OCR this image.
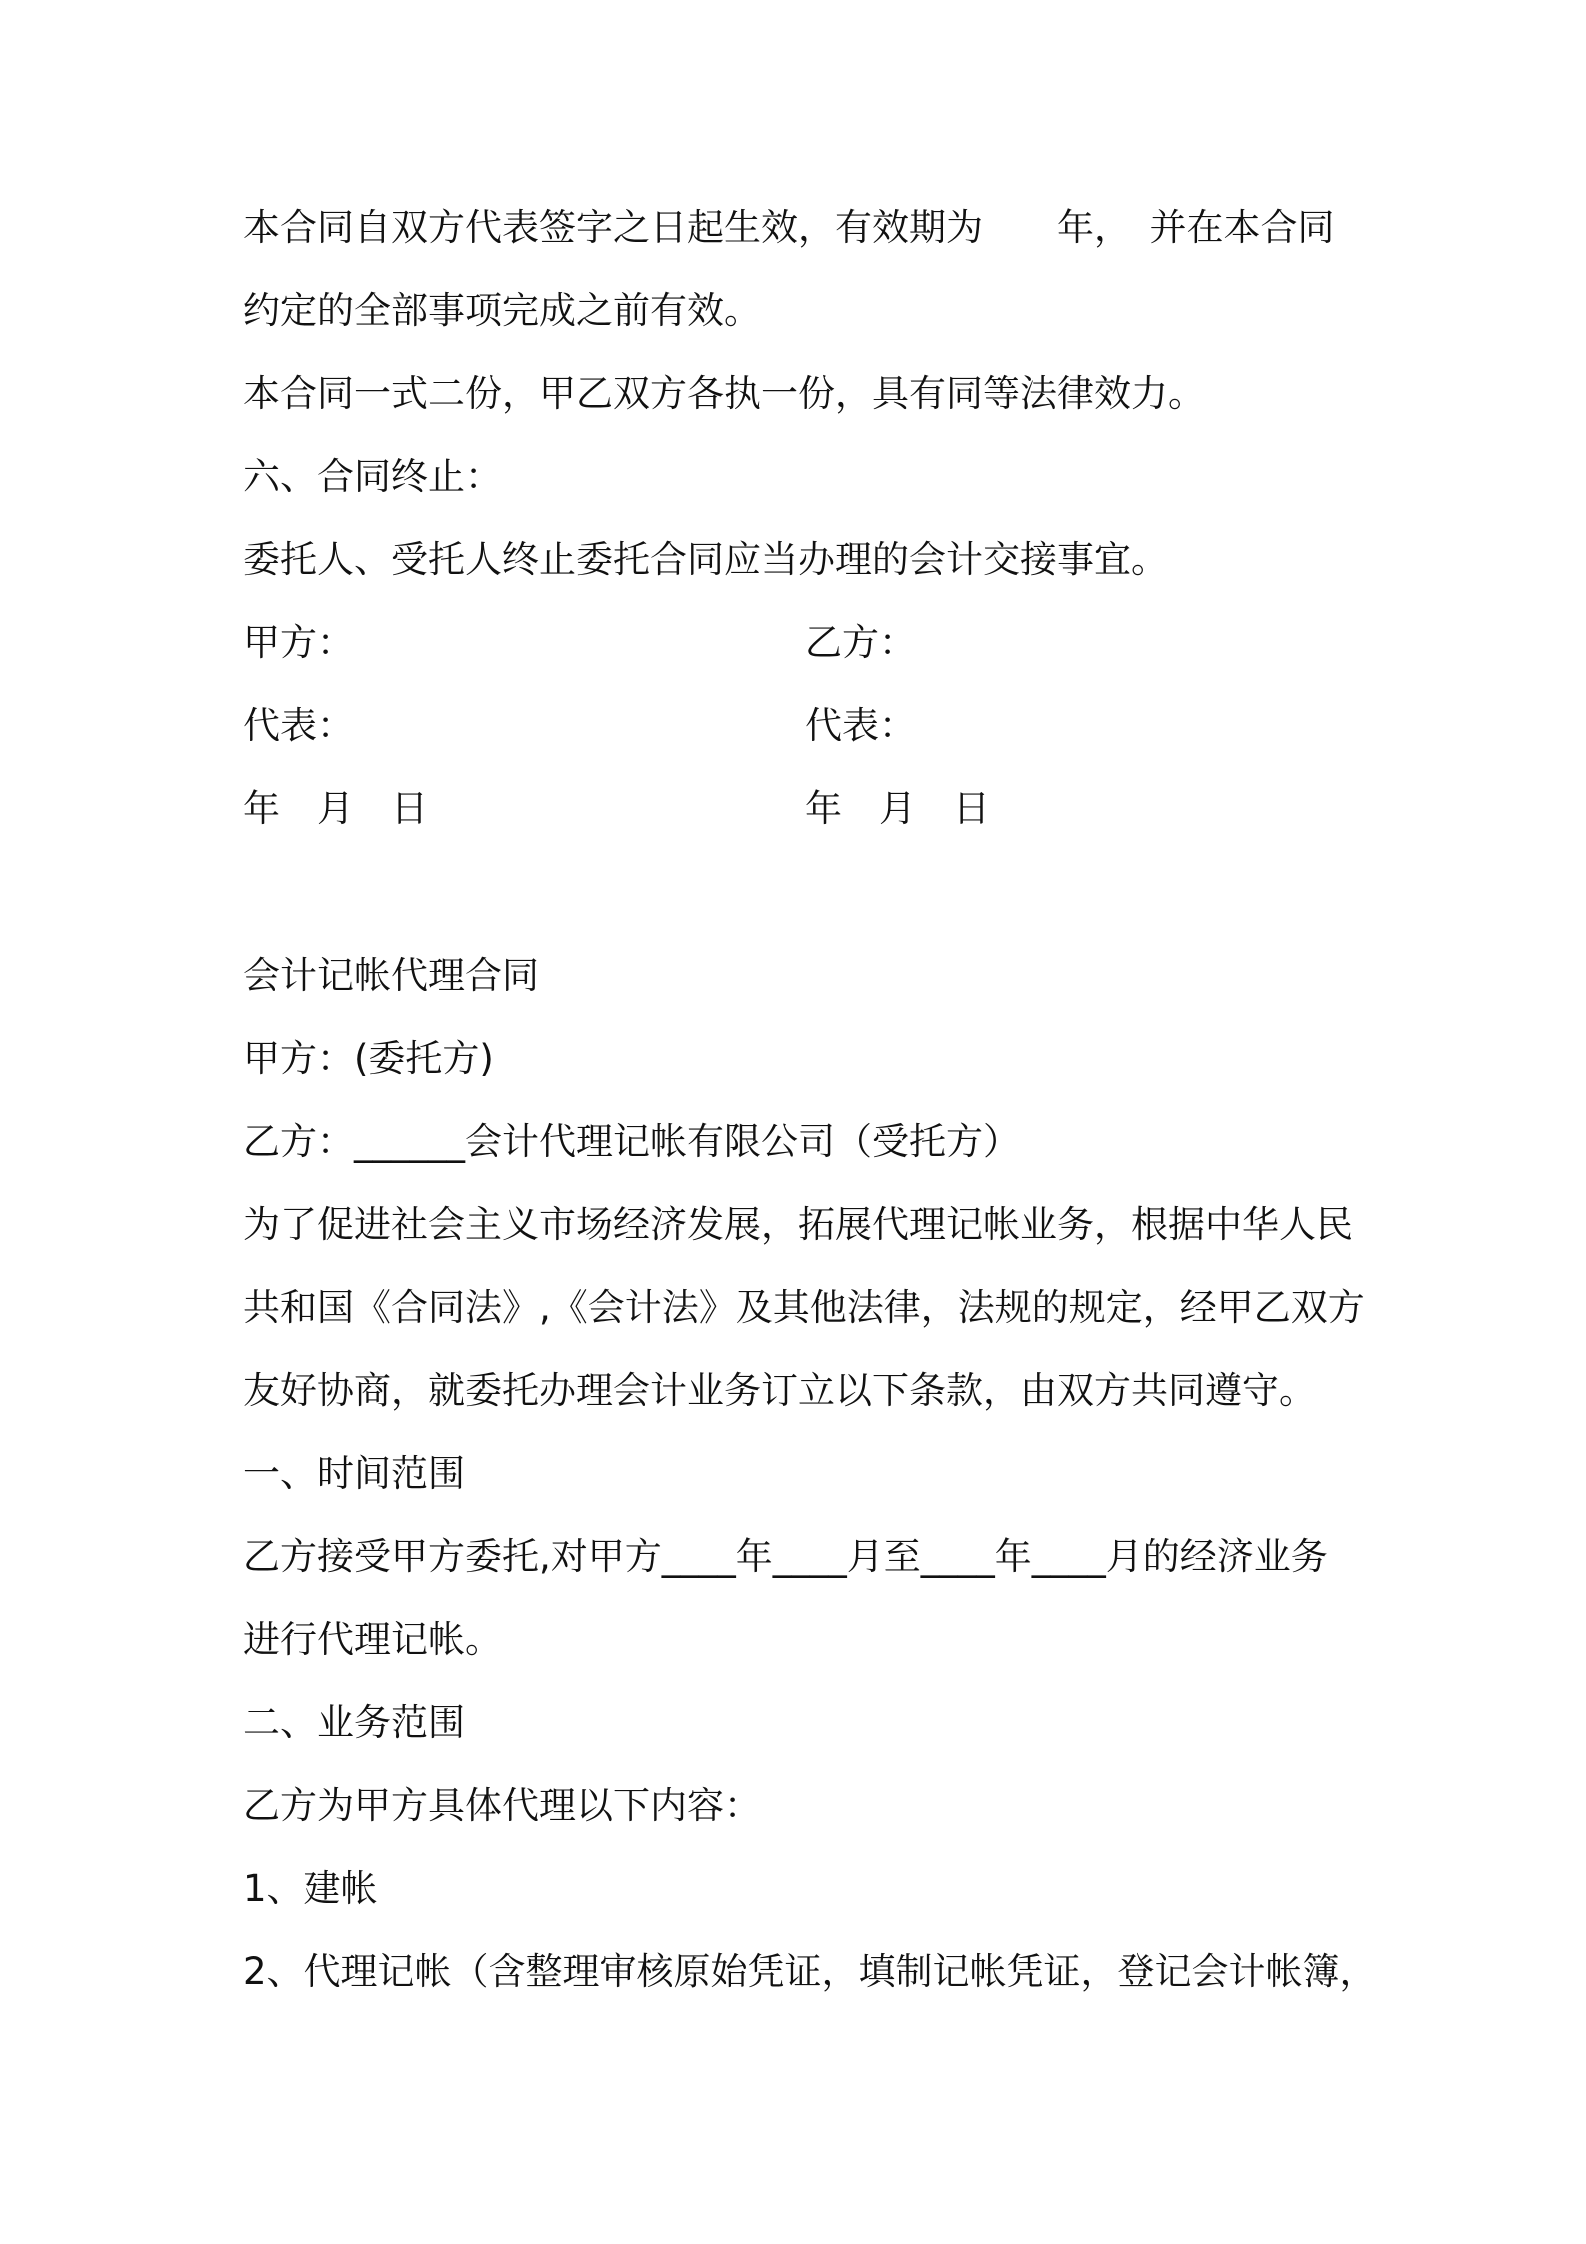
本合同自双方代表签字之日起生效，有效期为　　年，　并在本合同
约定的全部事项完成之前有效。
本合同一式二份，甲乙双方各执一份，具有同等法律效力。
六、合同终止：
委托人、受托人终止委托合同应当办理的会计交接事宜。
甲方：	乙方：
代表：	代表：
年　月　日	年　月　日
会计记帐代理合同
甲方：(委托方)
乙方：______会计代理记帐有限公司（受托方）
为了促进社会主义市场经济发展，拓展代理记帐业务，根据中华人民
共和国《合同法》,《会计法》及其他法律，法规的规定，经甲乙双方
友好协商，就委托办理会计业务订立以下条款，由双方共同遵守。
一、时间范围
乙方接受甲方委托,对甲方____年____月至____年____月的经济业务
进行代理记帐。
二、业务范围
乙方为甲方具体代理以下内容：
1、建帐
2、代理记帐（含整理审核原始凭证，填制记帐凭证，登记会计帐簿，
